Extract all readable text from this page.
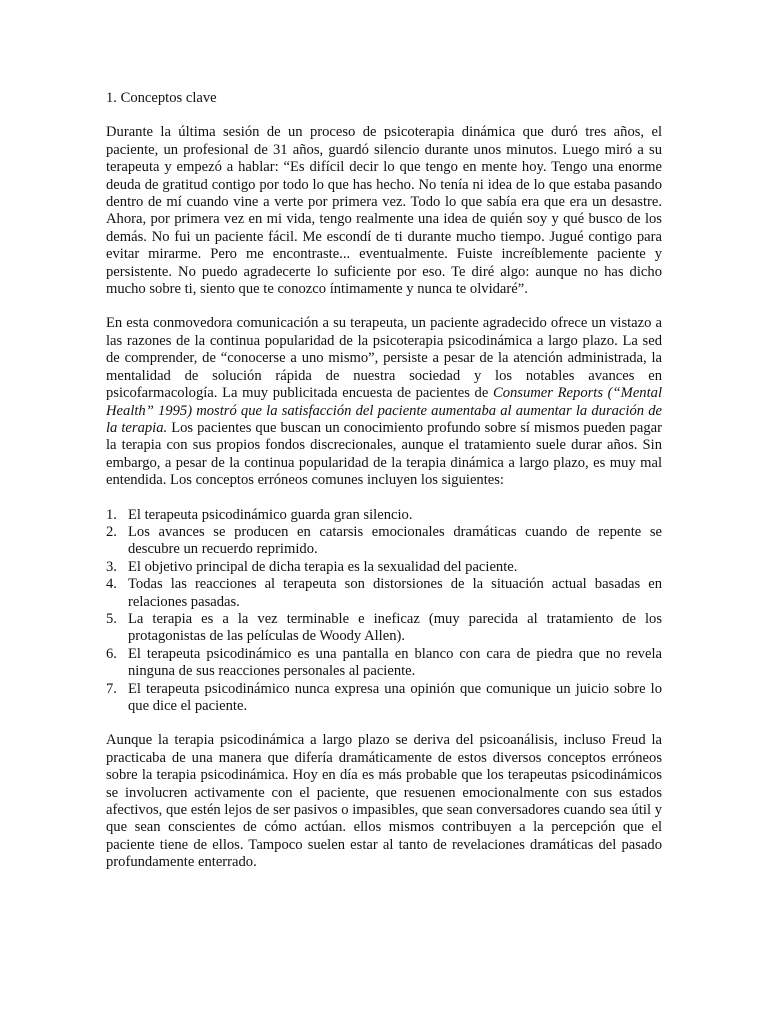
1. Conceptos clave

Durante la última sesión de un proceso de psicoterapia dinámica que duró tres años, el paciente, un profesional de 31 años, guardó silencio durante unos minutos. Luego miró a su terapeuta y empezó a hablar: “Es difícil decir lo que tengo en mente hoy. Tengo una enorme deuda de gratitud contigo por todo lo que has hecho. No tenía ni idea de lo que estaba pasando dentro de mí cuando vine a verte por primera vez. Todo lo que sabía era que era un desastre. Ahora, por primera vez en mi vida, tengo realmente una idea de quién soy y qué busco de los demás. No fui un paciente fácil. Me escondí de ti durante mucho tiempo. Jugué contigo para evitar mirarme. Pero me encontraste... eventualmente. Fuiste increíblemente paciente y persistente. No puedo agradecerte lo suficiente por eso. Te diré algo: aunque no has dicho mucho sobre ti, siento que te conozco íntimamente y nunca te olvidaré”.

En esta conmovedora comunicación a su terapeuta, un paciente agradecido ofrece un vistazo a las razones de la continua popularidad de la psicoterapia psicodinámica a largo plazo. La sed de comprender, de “conocerse a uno mismo”, persiste a pesar de la atención administrada, la mentalidad de solución rápida de nuestra sociedad y los notables avances en psicofarmacología. La muy publicitada encuesta de pacientes de Consumer Reports (“Mental Health” 1995) mostró que la satisfacción del paciente aumentaba al aumentar la duración de la terapia. Los pacientes que buscan un conocimiento profundo sobre sí mismos pueden pagar la terapia con sus propios fondos discrecionales, aunque el tratamiento suele durar años. Sin embargo, a pesar de la continua popularidad de la terapia dinámica a largo plazo, es muy mal entendida. Los conceptos erróneos comunes incluyen los siguientes:

1. El terapeuta psicodinámico guarda gran silencio.
2. Los avances se producen en catarsis emocionales dramáticas cuando de repente se descubre un recuerdo reprimido.
3. El objetivo principal de dicha terapia es la sexualidad del paciente.
4. Todas las reacciones al terapeuta son distorsiones de la situación actual basadas en relaciones pasadas.
5. La terapia es a la vez terminable e ineficaz (muy parecida al tratamiento de los protagonistas de las películas de Woody Allen).
6. El terapeuta psicodinámico es una pantalla en blanco con cara de piedra que no revela ninguna de sus reacciones personales al paciente.
7. El terapeuta psicodinámico nunca expresa una opinión que comunique un juicio sobre lo que dice el paciente.

Aunque la terapia psicodinámica a largo plazo se deriva del psicoanálisis, incluso Freud la practicaba de una manera que difería dramáticamente de estos diversos conceptos erróneos sobre la terapia psicodinámica. Hoy en día es más probable que los terapeutas psicodinámicos se involucren activamente con el paciente, que resuenen emocionalmente con sus estados afectivos, que estén lejos de ser pasivos o impasibles, que sean conversadores cuando sea útil y que sean conscientes de cómo actúan. ellos mismos contribuyen a la percepción que el paciente tiene de ellos. Tampoco suelen estar al tanto de revelaciones dramáticas del pasado profundamente enterrado.
